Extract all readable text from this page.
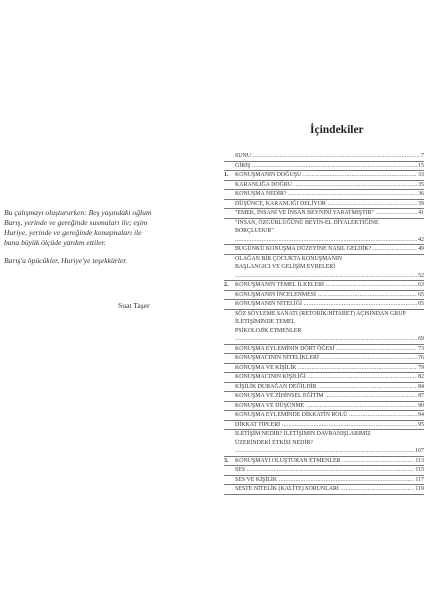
Bu çalışmayı oluştururken: Beş yaşındaki oğlum Barış, yerinde ve gereğinde susmaları ile; eşim Huriye, yerinde ve gereğinde konuşmaları ile bana büyük ölçüde yardım ettiler.

Barış'a öpücükler, Huriye'ye teşekkürler.

Suat Taşer
İçindekiler
SUNU .....	7
GİRİŞ .....	15
1. KONUŞMANIN DOĞUŞU .....	33
KARANLIĞA DOĞRU .....	35
KONUŞMA NEDİR? .....	36
DÜŞÜNCE, KARANLIĞI DELİYOR .....	39
"EMEK, İNSANI VE İNSAN BEYNİNİ YARATMIŞTIR" .....	41
"İNSAN, ÖZGÜRLÜĞÜNÜ BEYİN-EL DİYALEKTİĞİNE
BORÇLUDUR" .....
42
BUGÜNKÜ KONUŞMA DÜZEYİNE NASIL GELDİK? .....	49
OLAĞAN BİR ÇOCUKTA KONUŞMANIN
BAŞLANGICI VE GELİŞİM EVRELERİ .....
52
2. KONUŞMANIN TEMEL İLKELERİ .....	63
KONUŞMANIN İNCELENMESİ .....	65
KONUŞMANIN NİTELİĞİ .....	65
SÖZ SÖYLEME SANATI (RETORİK/HİTABET) AÇISINDAN GRUP İLETİŞİMİNDE TEMEL
PSİKOLOJİK ETMENLER .....
69
KONUŞMA EYLEMİNİN DÖRT ÖĞESİ .....	73
KONUŞMACININ NİTELİKLERİ .....	76
KONUŞMA VE KİŞİLİK .....	79
KONUŞMACININ KİŞİLİĞİ .....	82
KİŞİLİK DURAĞAN DEĞİLDİR .....	84
KONUŞMA VE ZİHİNSEL EĞİTİM .....	87
KONUŞMA VE DÜŞÜNME .....	90
KONUŞMA EYLEMİNDE DİKKATİN ROLÜ .....	94
DİKKAT TİPLERİ .....	95
İLETİŞİM NEDİR? İLETİŞİMİN DAVRANIŞLARIMIZ
ÜZERİNDEKİ ETKİSİ NEDİR? .....
107
3. KONUŞMAYI OLUŞTURAN ETMENLER .....	113
SES .....	115
SES VE KİŞİLİK .....	117
SESTE NİTELİK (KALİTE) SORUNLARI .....	119
